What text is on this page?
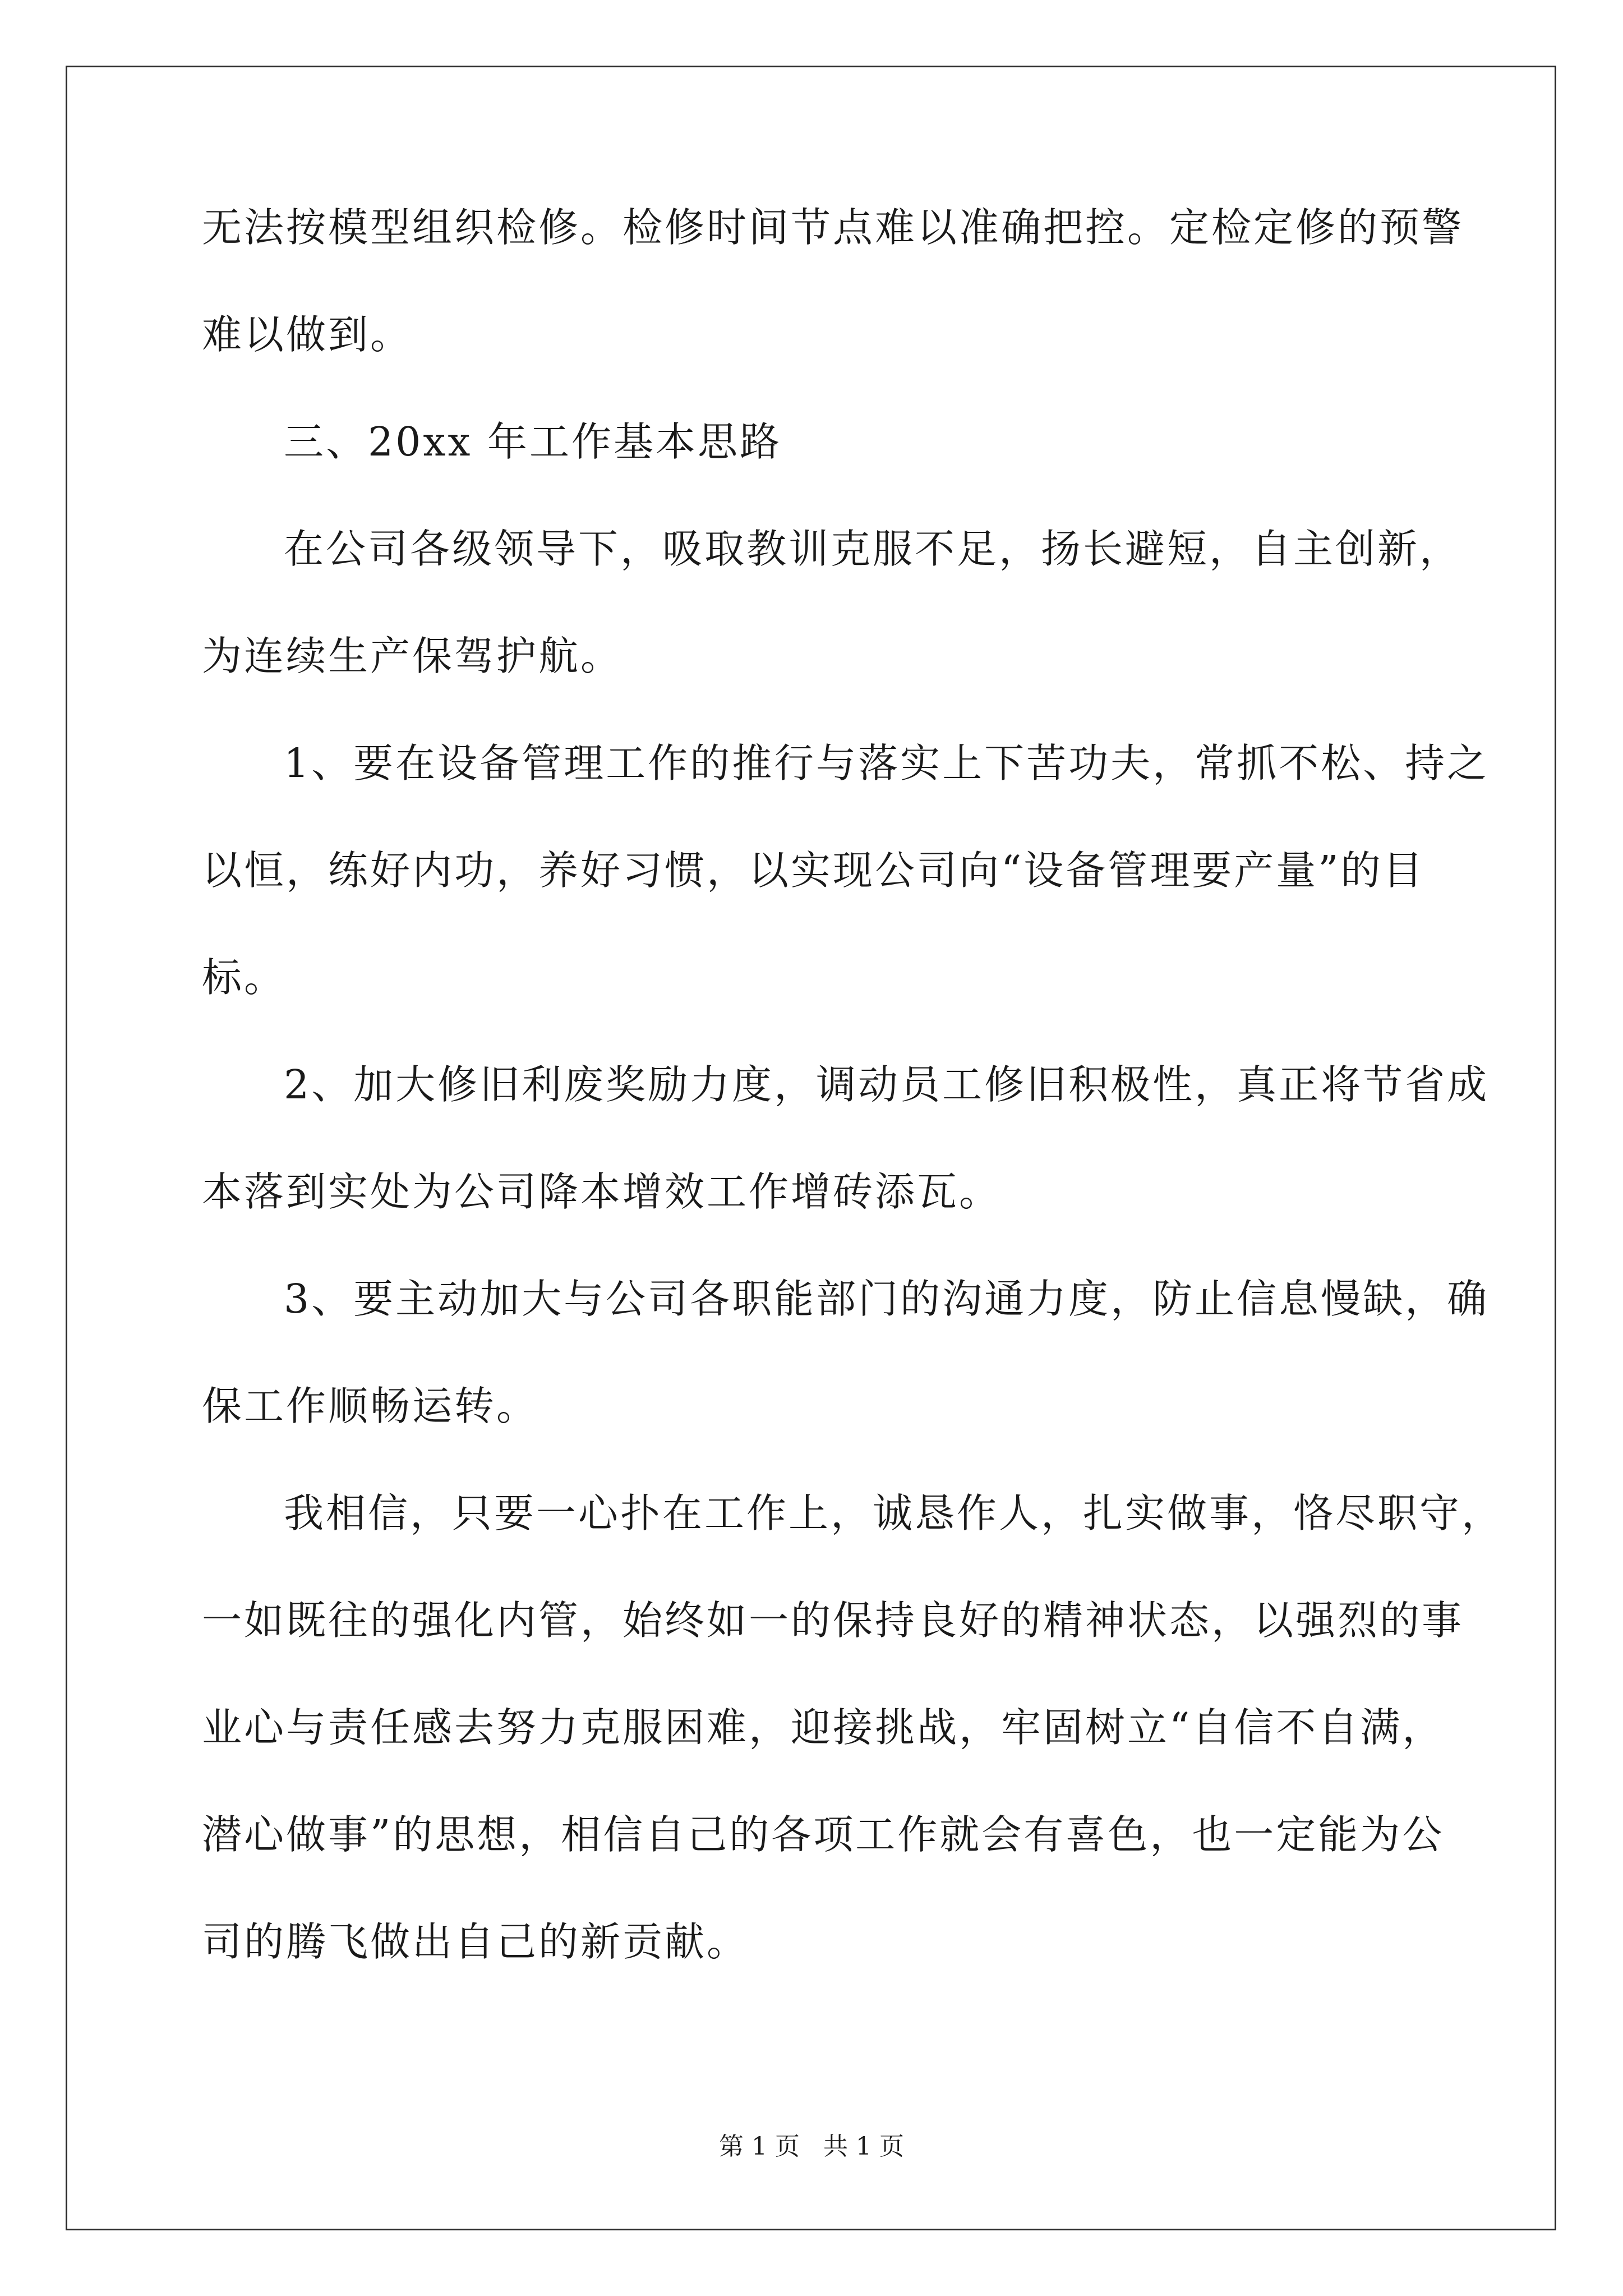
无法按模型组织检修。检修时间节点难以准确把控。定检定修的预警
难以做到。
三、20xx 年工作基本思路
在公司各级领导下，吸取教训克服不足，扬长避短，自主创新，
为连续生产保驾护航。
1、要在设备管理工作的推行与落实上下苦功夫，常抓不松、持之
以恒，练好内功，养好习惯，以实现公司向“设备管理要产量”的目
标。
2、加大修旧利废奖励力度，调动员工修旧积极性，真正将节省成
本落到实处为公司降本增效工作增砖添瓦。
3、要主动加大与公司各职能部门的沟通力度，防止信息慢缺，确
保工作顺畅运转。
我相信，只要一心扑在工作上，诚恳作人，扎实做事，恪尽职守，
一如既往的强化内管，始终如一的保持良好的精神状态，以强烈的事
业心与责任感去努力克服困难，迎接挑战，牢固树立“自信不自满，
潜心做事”的思想，相信自己的各项工作就会有喜色，也一定能为公
司的腾飞做出自己的新贡献。
第 1 页   共 1 页
